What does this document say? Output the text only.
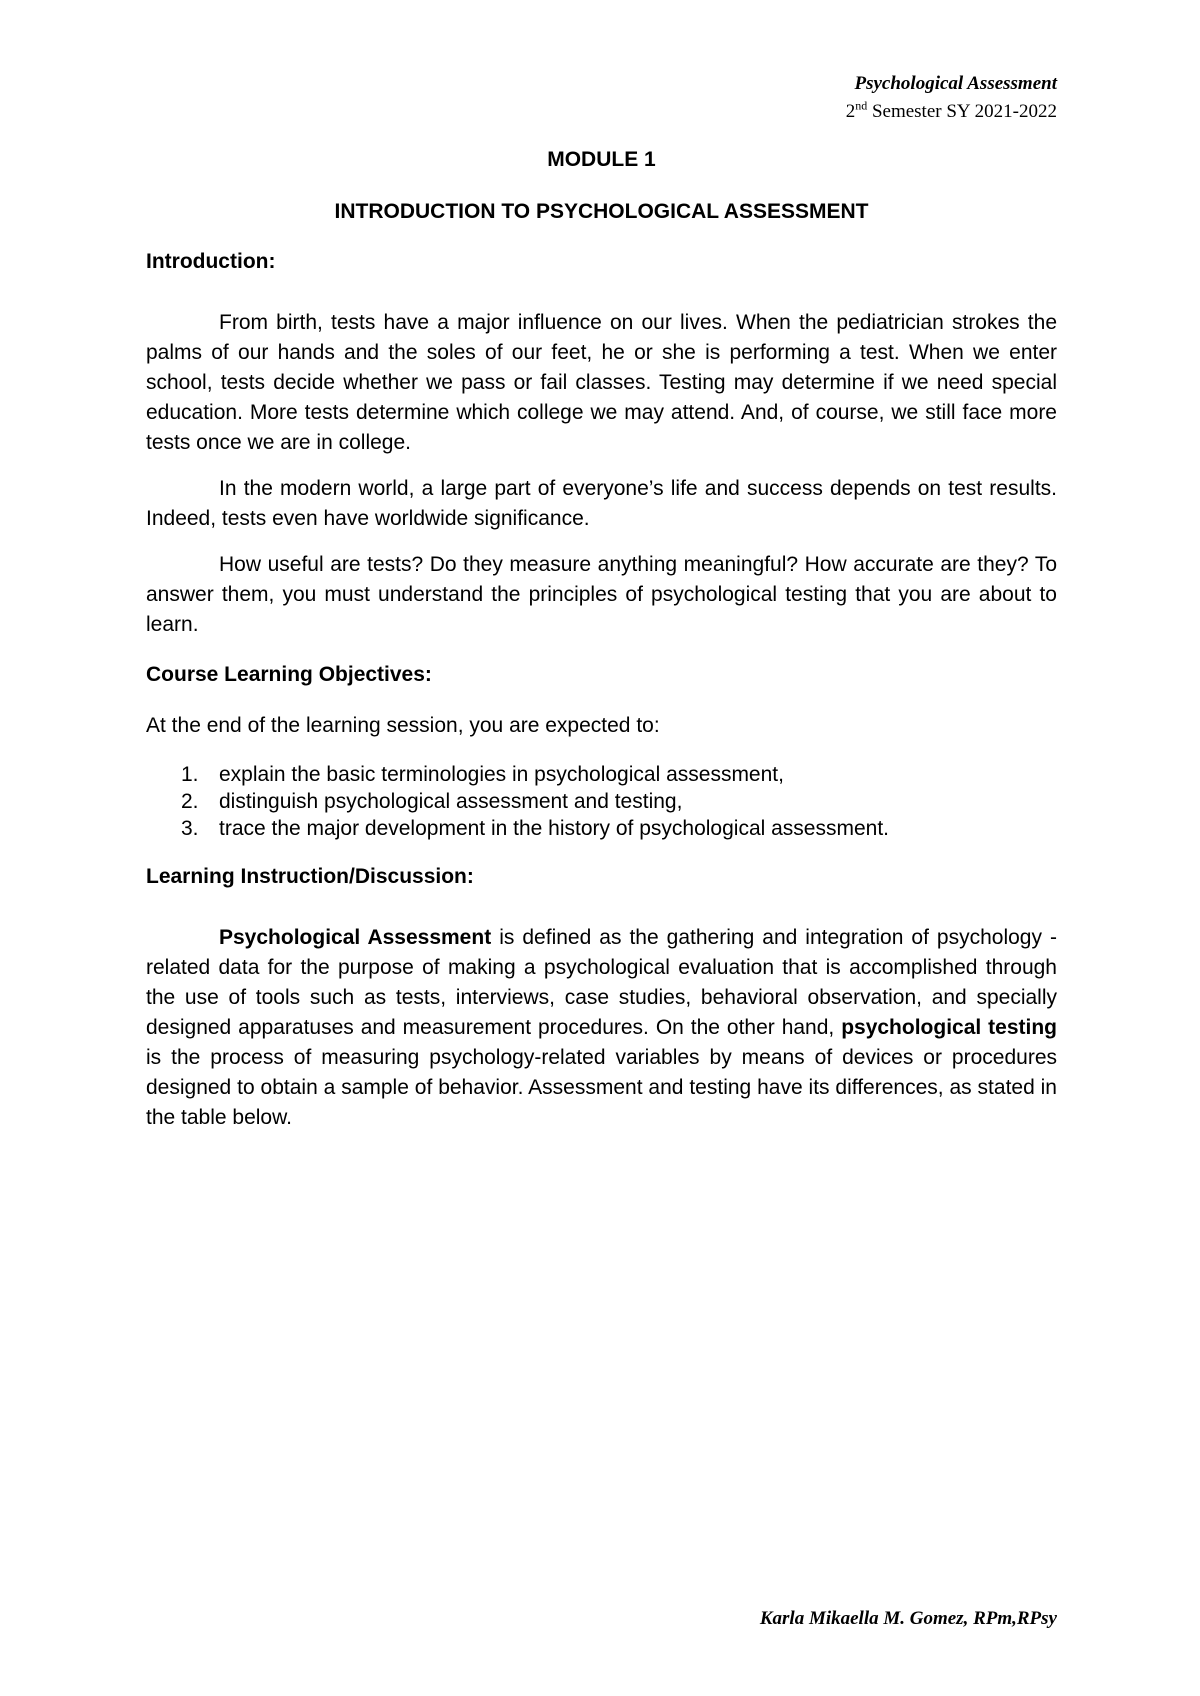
Psychological Assessment
2nd Semester SY 2021-2022

MODULE 1

INTRODUCTION TO PSYCHOLOGICAL ASSESSMENT

Introduction:

From birth, tests have a major influence on our lives. When the pediatrician strokes the palms of our hands and the soles of our feet, he or she is performing a test. When we enter school, tests decide whether we pass or fail classes. Testing may determine if we need special education. More tests determine which college we may attend. And, of course, we still face more tests once we are in college.

In the modern world, a large part of everyone’s life and success depends on test results. Indeed, tests even have worldwide significance.

How useful are tests? Do they measure anything meaningful? How accurate are they? To answer them, you must understand the principles of psychological testing that you are about to learn.

Course Learning Objectives:

At the end of the learning session, you are expected to:

1. explain the basic terminologies in psychological assessment,
2. distinguish psychological assessment and testing,
3. trace the major development in the history of psychological assessment.

Learning Instruction/Discussion:

Psychological Assessment is defined as the gathering and integration of psychology - related data for the purpose of making a psychological evaluation that is accomplished through the use of tools such as tests, interviews, case studies, behavioral observation, and specially designed apparatuses and measurement procedures. On the other hand, psychological testing is the process of measuring psychology-related variables by means of devices or procedures designed to obtain a sample of behavior. Assessment and testing have its differences, as stated in the table below.

Karla Mikaella M. Gomez, RPm,RPsy
